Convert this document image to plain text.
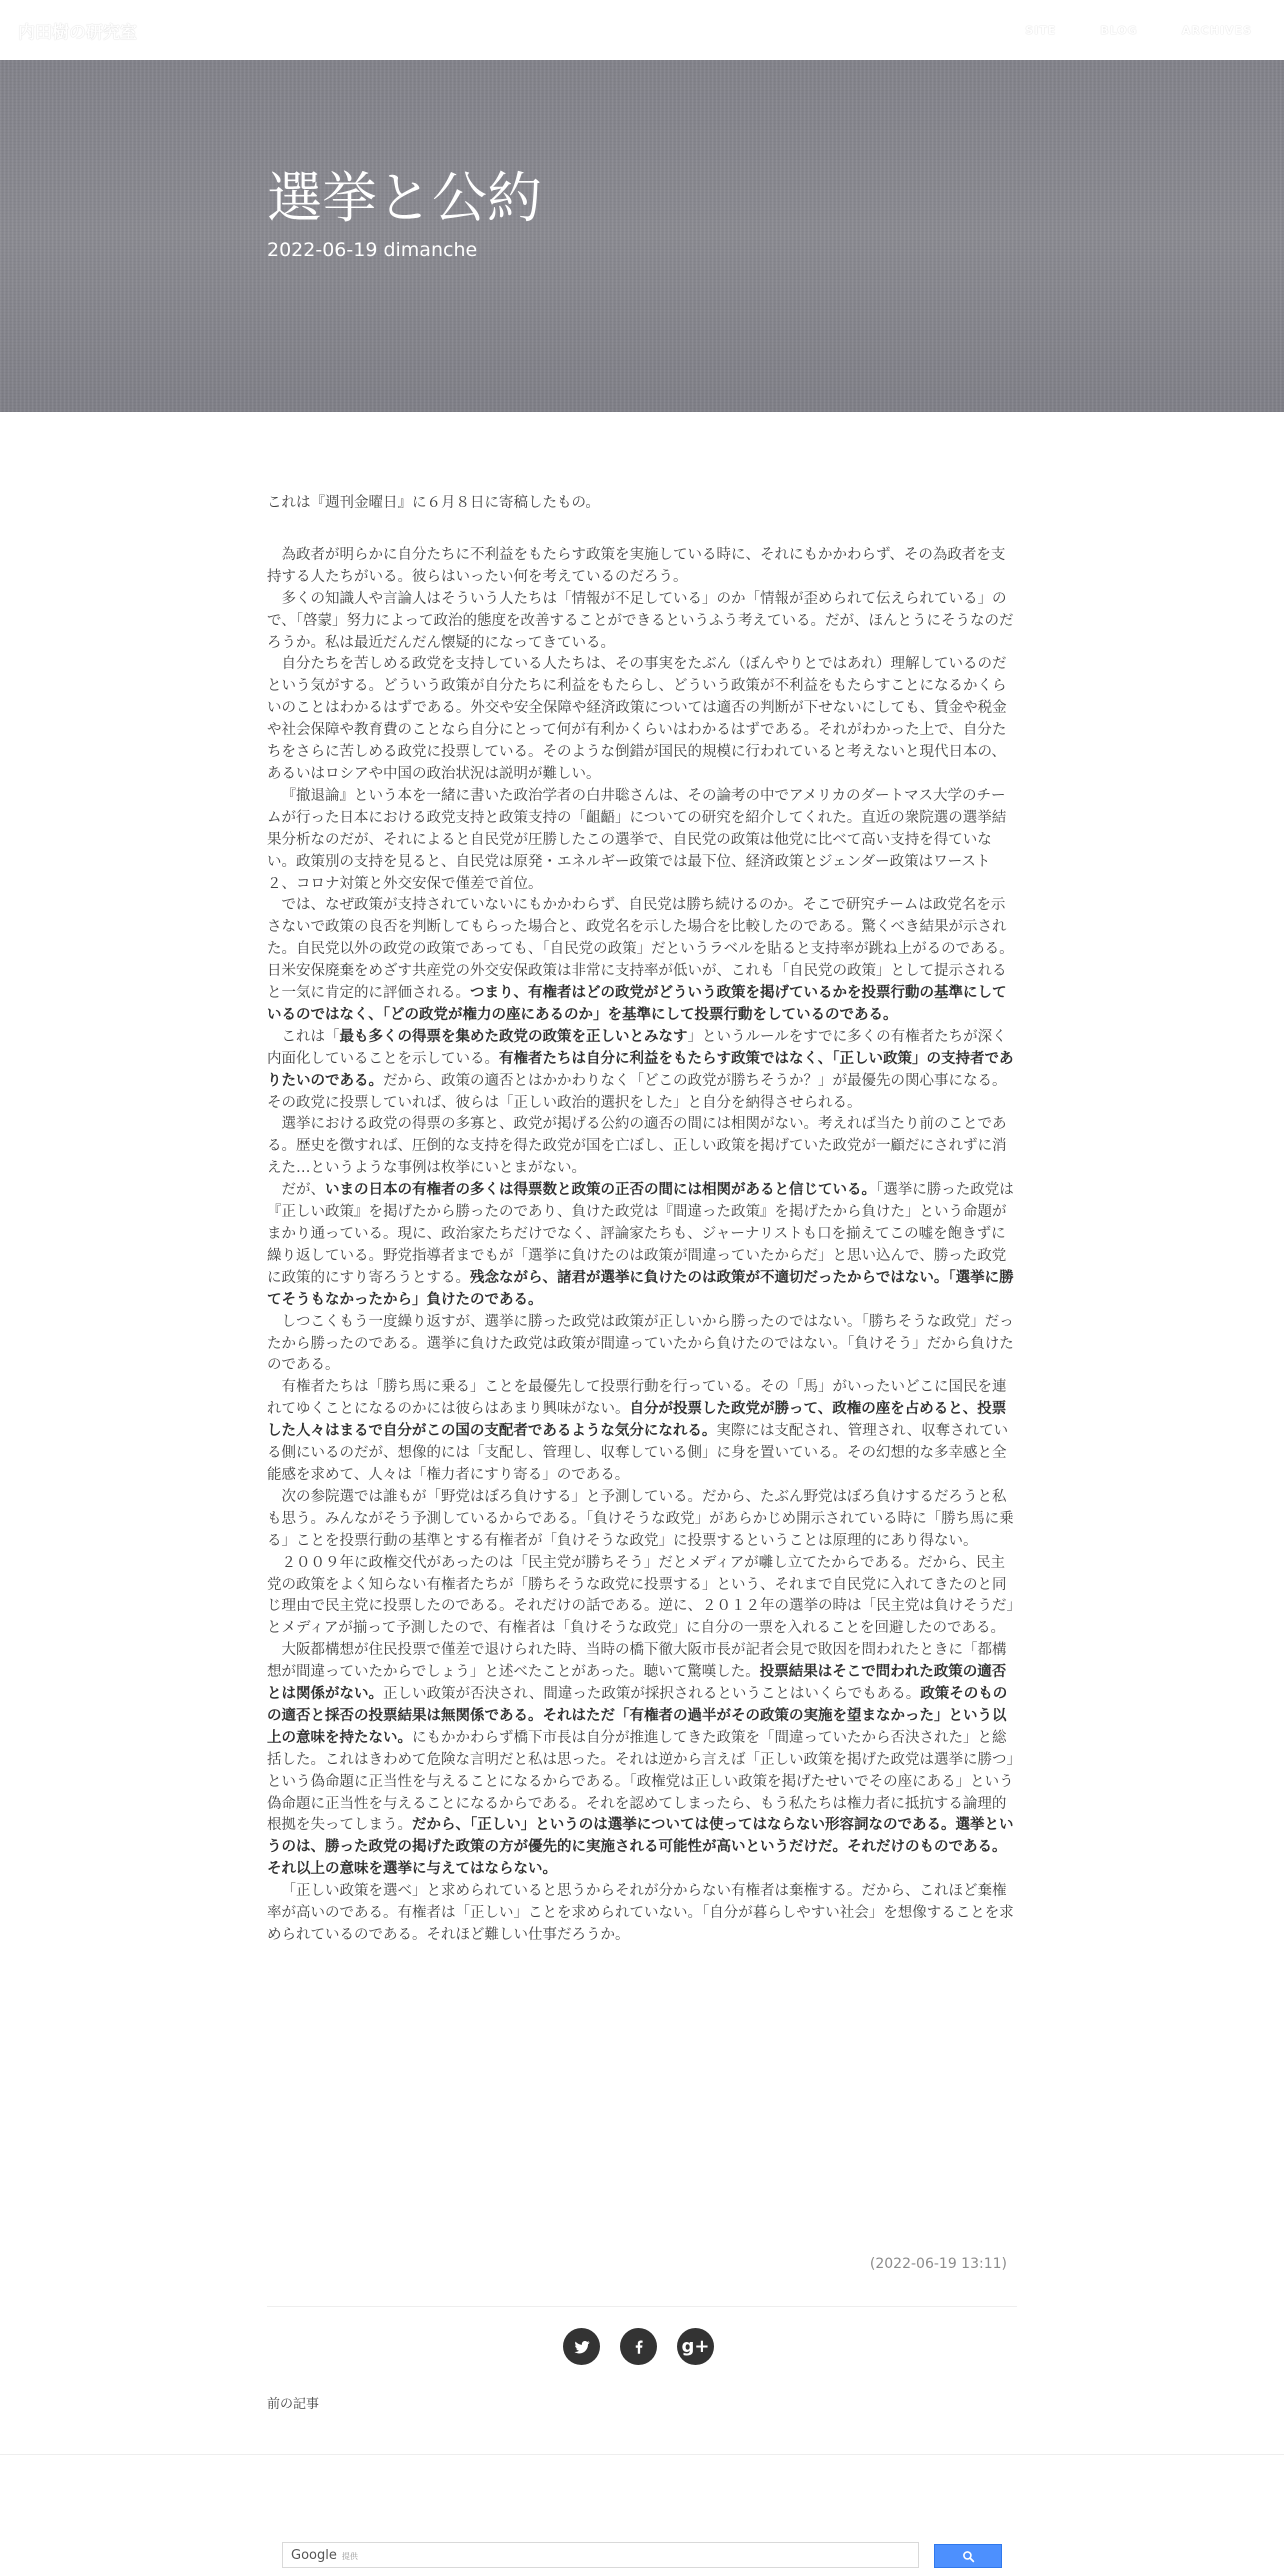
内田樹の研究室	SITE	BLOG	ARCHIVES
選挙と公約
2022-06-19 dimanche

これは『週刊金曜日』に６月８日に寄稿したもの。

為政者が明らかに自分たちに不利益をもたらす政策を実施している時に、それにもかかわらず、その為政者を支持する人たちがいる。彼らはいったい何を考えているのだろう。

多くの知識人や言論人はそういう人たちは「情報が不足している」のか「情報が歪められて伝えられている」ので、「啓蒙」努力によって政治的態度を改善することができるというふう考えている。だが、ほんとうにそうなのだろうか。私は最近だんだん懐疑的になってきている。

自分たちを苦しめる政党を支持している人たちは、その事実をたぶん（ぼんやりとではあれ）理解しているのだという気がする。どういう政策が自分たちに利益をもたらし、どういう政策が不利益をもたらすことになるかくらいのことはわかるはずである。外交や安全保障や経済政策については適否の判断が下せないにしても、賃金や税金や社会保障や教育費のことなら自分にとって何が有利かくらいはわかるはずである。それがわかった上で、自分たちをさらに苦しめる政党に投票している。そのような倒錯が国民的規模に行われていると考えないと現代日本の、あるいはロシアや中国の政治状況は説明が難しい。

『撤退論』という本を一緒に書いた政治学者の白井聡さんは、その論考の中でアメリカのダートマス大学のチームが行った日本における政党支持と政策支持の「齟齬」についての研究を紹介してくれた。直近の衆院選の選挙結果分析なのだが、それによると自民党が圧勝したこの選挙で、自民党の政策は他党に比べて高い支持を得ていない。政策別の支持を見ると、自民党は原発・エネルギー政策では最下位、経済政策とジェンダー政策はワースト２、コロナ対策と外交安保で僅差で首位。

では、なぜ政策が支持されていないにもかかわらず、自民党は勝ち続けるのか。そこで研究チームは政党名を示さないで政策の良否を判断してもらった場合と、政党名を示した場合を比較したのである。驚くべき結果が示された。自民党以外の政党の政策であっても、「自民党の政策」だというラベルを貼ると支持率が跳ね上がるのである。日米安保廃棄をめざす共産党の外交安保政策は非常に支持率が低いが、これも「自民党の政策」として提示されると一気に肯定的に評価される。つまり、有権者はどの政党がどういう政策を掲げているかを投票行動の基準にしているのではなく、「どの政党が権力の座にあるのか」を基準にして投票行動をしているのである。

これは「最も多くの得票を集めた政党の政策を正しいとみなす」というルールをすでに多くの有権者たちが深く内面化していることを示している。有権者たちは自分に利益をもたらす政策ではなく、「正しい政策」の支持者でありたいのである。だから、政策の適否とはかかわりなく「どこの政党が勝ちそうか？」が最優先の関心事になる。その政党に投票していれば、彼らは「正しい政治的選択をした」と自分を納得させられる。

選挙における政党の得票の多寡と、政党が掲げる公約の適否の間には相関がない。考えれば当たり前のことである。歴史を徴すれば、圧倒的な支持を得た政党が国を亡ぼし、正しい政策を掲げていた政党が一顧だにされずに消えた…というような事例は枚挙にいとまがない。

だが、いまの日本の有権者の多くは得票数と政策の正否の間には相関があると信じている。「選挙に勝った政党は『正しい政策』を掲げたから勝ったのであり、負けた政党は『間違った政策』を掲げたから負けた」という命題がまかり通っている。現に、政治家たちだけでなく、評論家たちも、ジャーナリストも口を揃えてこの嘘を飽きずに繰り返している。野党指導者までもが「選挙に負けたのは政策が間違っていたからだ」と思い込んで、勝った政党に政策的にすり寄ろうとする。残念ながら、諸君が選挙に負けたのは政策が不適切だったからではない。「選挙に勝てそうもなかったから」負けたのである。

しつこくもう一度繰り返すが、選挙に勝った政党は政策が正しいから勝ったのではない。「勝ちそうな政党」だったから勝ったのである。選挙に負けた政党は政策が間違っていたから負けたのではない。「負けそう」だから負けたのである。

有権者たちは「勝ち馬に乗る」ことを最優先して投票行動を行っている。その「馬」がいったいどこに国民を連れてゆくことになるのかには彼らはあまり興味がない。自分が投票した政党が勝って、政権の座を占めると、投票した人々はまるで自分がこの国の支配者であるような気分になれる。実際には支配され、管理され、収奪されている側にいるのだが、想像的には「支配し、管理し、収奪している側」に身を置いている。その幻想的な多幸感と全能感を求めて、人々は「権力者にすり寄る」のである。

次の参院選では誰もが「野党はぼろ負けする」と予測している。だから、たぶん野党はぼろ負けするだろうと私も思う。みんながそう予測しているからである。「負けそうな政党」があらかじめ開示されている時に「勝ち馬に乗る」ことを投票行動の基準とする有権者が「負けそうな政党」に投票するということは原理的にあり得ない。

２００９年に政権交代があったのは「民主党が勝ちそう」だとメディアが囃し立てたからである。だから、民主党の政策をよく知らない有権者たちが「勝ちそうな政党に投票する」という、それまで自民党に入れてきたのと同じ理由で民主党に投票したのである。それだけの話である。逆に、２０１２年の選挙の時は「民主党は負けそうだ」とメディアが揃って予測したので、有権者は「負けそうな政党」に自分の一票を入れることを回避したのである。

大阪都構想が住民投票で僅差で退けられた時、当時の橋下徹大阪市長が記者会見で敗因を問われたときに「都構想が間違っていたからでしょう」と述べたことがあった。聴いて驚嘆した。投票結果はそこで問われた政策の適否とは関係がない。正しい政策が否決され、間違った政策が採択されるということはいくらでもある。政策そのものの適否と採否の投票結果は無関係である。それはただ「有権者の過半がその政策の実施を望まなかった」という以上の意味を持たない。にもかかわらず橋下市長は自分が推進してきた政策を「間違っていたから否決された」と総括した。これはきわめて危険な言明だと私は思った。それは逆から言えば「正しい政策を掲げた政党は選挙に勝つ」という偽命題に正当性を与えることになるからである。「政権党は正しい政策を掲げたせいでその座にある」という偽命題に正当性を与えることになるからである。それを認めてしまったら、もう私たちは権力者に抵抗する論理的根拠を失ってしまう。だから、「正しい」というのは選挙については使ってはならない形容詞なのである。選挙というのは、勝った政党の掲げた政策の方が優先的に実施される可能性が高いというだけだ。それだけのものである。それ以上の意味を選挙に与えてはならない。

「正しい政策を選べ」と求められていると思うからそれが分からない有権者は棄権する。だから、これほど棄権率が高いのである。有権者は「正しい」ことを求められていない。「自分が暮らしやすい社会」を想像することを求められているのである。それほど難しい仕事だろうか。

(2022-06-19 13:11)
g+
前の記事
Google 提供
